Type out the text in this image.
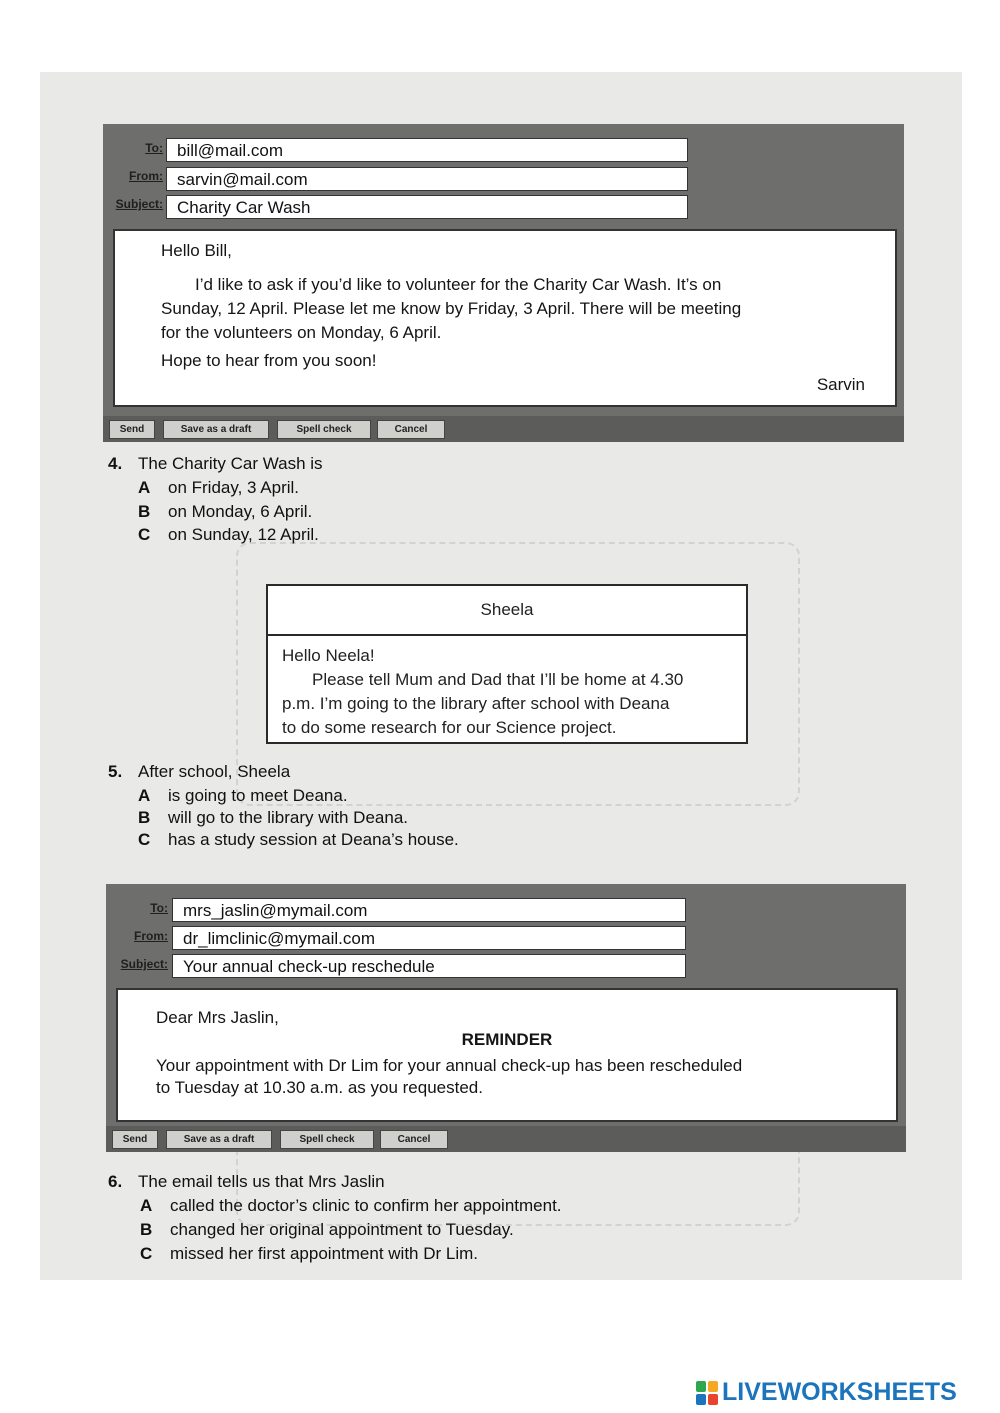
To: bill@mail.com
From: sarvin@mail.com
Subject: Charity Car Wash
Hello Bill,
I’d like to ask if you’d like to volunteer for the Charity Car Wash. It’s on
Sunday, 12 April. Please let me know by Friday, 3 April. There will be meeting
for the volunteers on Monday, 6 April.
Hope to hear from you soon!
Sarvin
Send	Save as a draft	Spell check	Cancel
4. The Charity Car Wash is
A on Friday, 3 April.
B on Monday, 6 April.
C on Sunday, 12 April.
5. After school, Sheela
A is going to meet Deana.
B will go to the library with Deana.
C has a study session at Deana’s house.
To: mrs_jaslin@mymail.com
From: dr_limclinic@mymail.com
Subject: Your annual check-up reschedule
Dear Mrs Jaslin,
REMINDER
Your appointment with Dr Lim for your annual check-up has been rescheduled
to Tuesday at 10.30 a.m. as you requested.
Send	Save as a draft	Spell check	Cancel
6. The email tells us that Mrs Jaslin
A called the doctor’s clinic to confirm her appointment.
B changed her original appointment to Tuesday.
C missed her first appointment with Dr Lim.
Sheela
Hello Neela!
Please tell Mum and Dad that I’ll be home at 4.30
p.m. I’m going to the library after school with Deana
to do some research for our Science project.
LIVEWORKSHEETS
